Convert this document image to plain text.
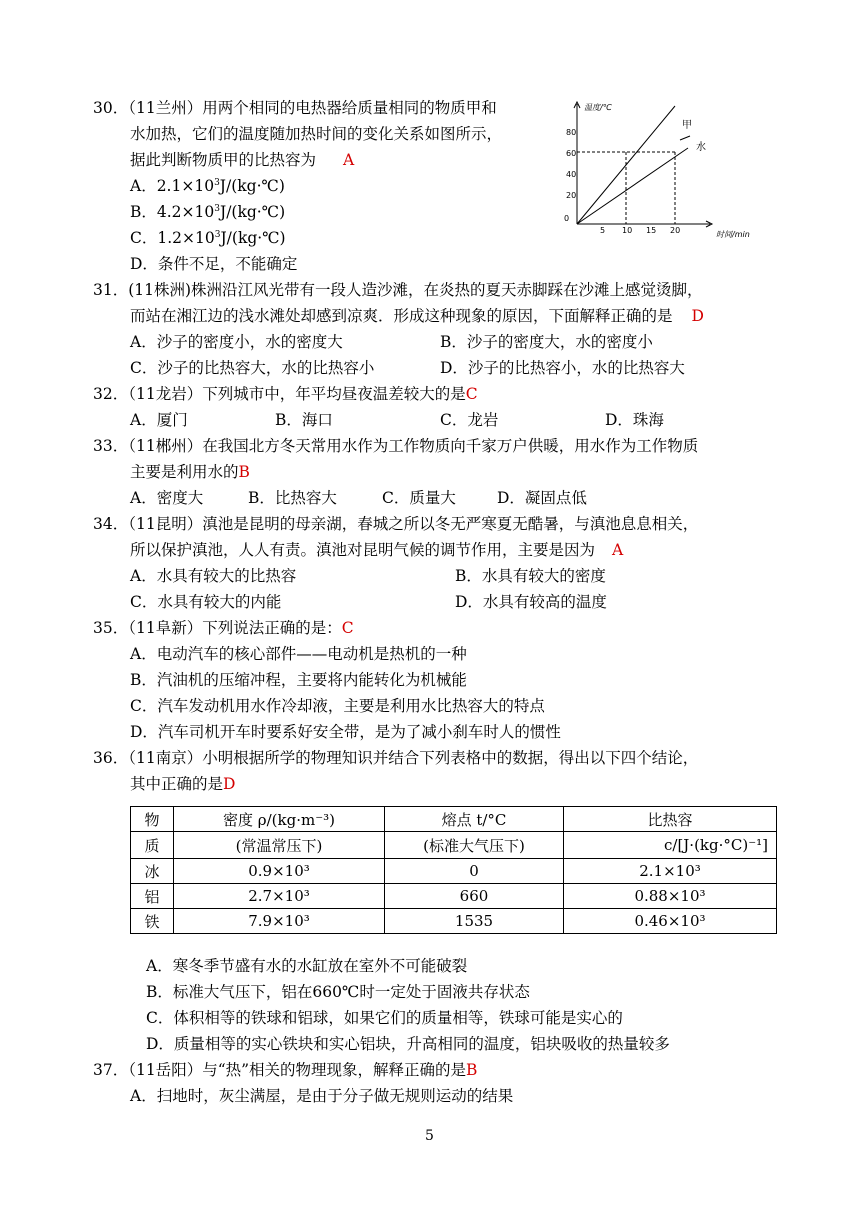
30．（11兰州）用两个相同的电热器给质量相同的物质甲和
水加热，它们的温度随加热时间的变化关系如图所示，
据此判断物质甲的比热容为 A
A．$2.1\times 10^3J/(kg\cdot℃)$
B．$4.2\times 10^3J/(kg\cdot℃)$
C．$1.2\times 10^3J/(kg\cdot℃)$
D．条件不足，不能确定
温度/℃
时间/min
80
60
40
20
0
5 10 15 20
甲
水
31．(11株洲)株洲沿江风光带有一段人造沙滩，在炎热的夏天赤脚踩在沙滩上感觉烫脚，
而站在湘江边的浅水滩处却感到凉爽．形成这种现象的原因，下面解释正确的是 D
A．沙子的密度小，水的密度大	B．沙子的密度大，水的密度小
C．沙子的比热容大，水的比热容小	D．沙子的比热容小，水的比热容大
32．（11龙岩）下列城市中，年平均昼夜温差较大的是C
A．厦门	B．海口	C．龙岩	D．珠海
33．（11郴州）在我国北方冬天常用水作为工作物质向千家万户供暖，用水作为工作物质
主要是利用水的B
A．密度大	B．比热容大	C．质量大	D．凝固点低
34．（11昆明）滇池是昆明的母亲湖，春城之所以冬无严寒夏无酷暑，与滇池息息相关，
所以保护滇池，人人有责。滇池对昆明气候的调节作用，主要是因为 A
A．水具有较大的比热容	B．水具有较大的密度
C．水具有较大的内能	D．水具有较高的温度
35．（11阜新）下列说法正确的是：C
A．电动汽车的核心部件——电动机是热机的一种
B．汽油机的压缩冲程，主要将内能转化为机械能
C．汽车发动机用水作冷却液，主要是利用水比热容大的特点
D．汽车司机开车时要系好安全带，是为了减小刹车时人的惯性
36．（11南京）小明根据所学的物理知识并结合下列表格中的数据，得出以下四个结论，
其中正确的是D
物	密度 ρ/(kg·m⁻³)	熔点 t/°C	比热容
质	(常温常压下)	(标准大气压下)	c/[J·(kg·°C)⁻¹]
冰	0.9×10³	0	2.1×10³
铝	2.7×10³	660	0.88×10³
铁	7.9×10³	1535	0.46×10³
A．寒冬季节盛有水的水缸放在室外不可能破裂
B．标准大气压下，铝在660℃时一定处于固液共存状态
C．体积相等的铁球和铝球，如果它们的质量相等，铁球可能是实心的
D．质量相等的实心铁块和实心铝块，升高相同的温度，铝块吸收的热量较多
37．（11岳阳）与“热”相关的物理现象，解释正确的是B
A．扫地时，灰尘满屋，是由于分子做无规则运动的结果
5
